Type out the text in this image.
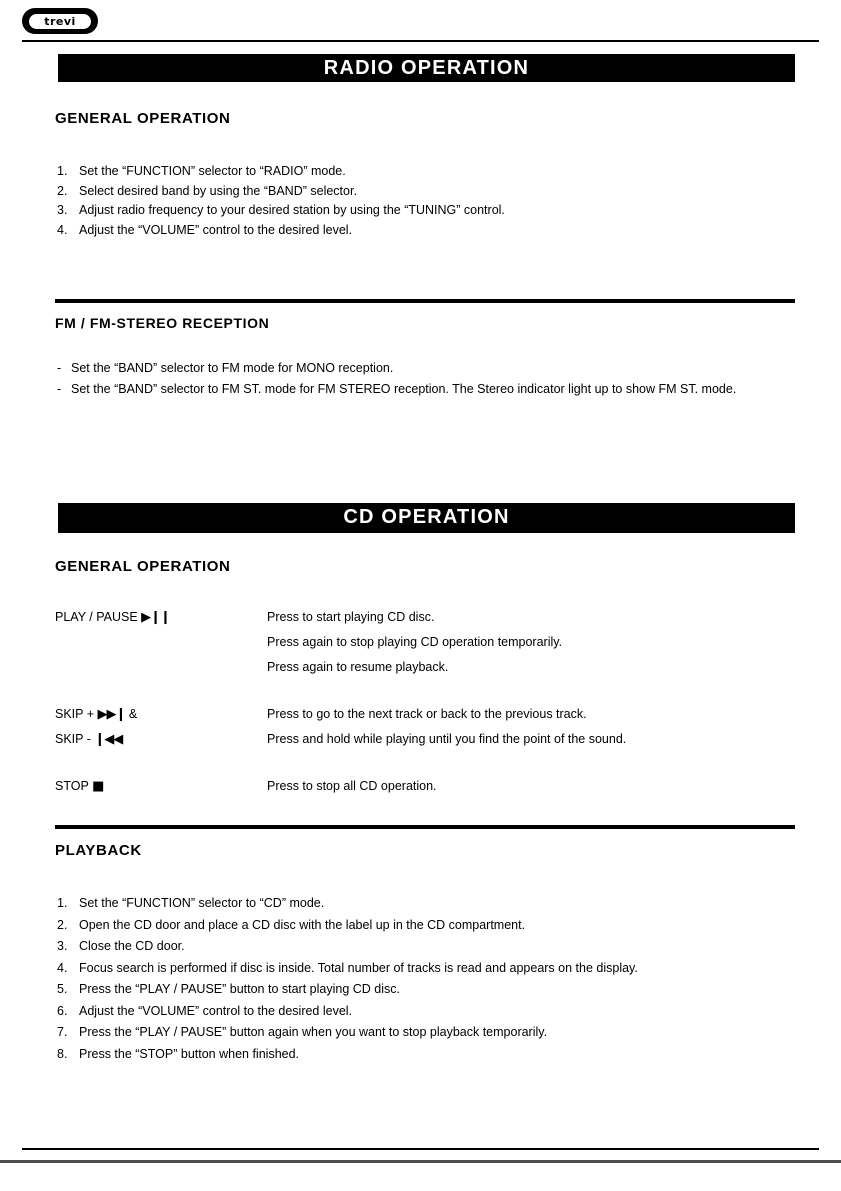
trevi
RADIO OPERATION
GENERAL OPERATION
1. Set the “FUNCTION” selector to “RADIO” mode.
2. Select desired band by using the “BAND” selector.
3. Adjust radio frequency to your desired station by using the “TUNING” control.
4. Adjust the “VOLUME” control to the desired level.
FM / FM-STEREO RECEPTION
- Set the “BAND” selector to FM mode for MONO reception.
- Set the “BAND” selector to FM ST. mode for FM STEREO reception. The Stereo indicator light up to show FM ST. mode.
CD OPERATION
GENERAL OPERATION
PLAY / PAUSE ▶❙❙	Press to start playing CD disc.
Press again to stop playing CD operation temporarily.
Press again to resume playback.
SKIP + ▶▶❙ &	Press to go to the next track or back to the previous track.
SKIP - ❙◀◀	Press and hold while playing until you find the point of the sound.
STOP ■	Press to stop all CD operation.
PLAYBACK
1. Set the “FUNCTION” selector to “CD” mode.
2. Open the CD door and place a CD disc with the label up in the CD compartment.
3. Close the CD door.
4. Focus search is performed if disc is inside. Total number of tracks is read and appears on the display.
5. Press the “PLAY / PAUSE” button to start playing CD disc.
6. Adjust the “VOLUME” control to the desired level.
7. Press the “PLAY / PAUSE” button again when you want to stop playback temporarily.
8. Press the “STOP” button when finished.
